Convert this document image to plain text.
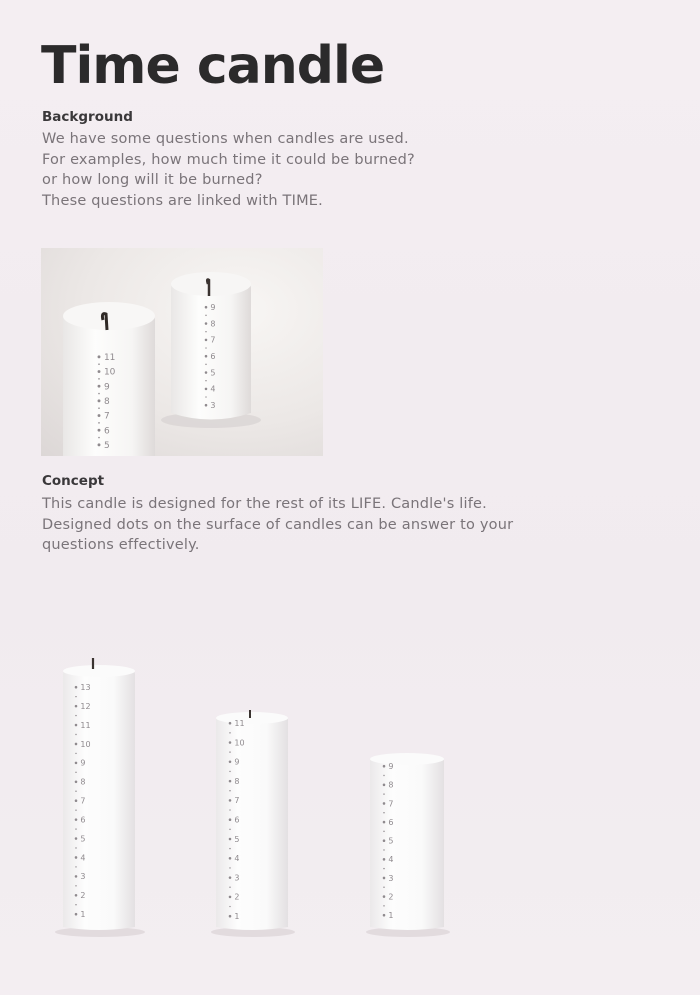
Time candle
Background
We have some questions when candles are used.
For examples, how much time it could be burned?
or how long will it be burned?
These questions are linked with TIME.
9
8
7
6
5
4
3
11
10
9
8
7
6
5
Concept
This candle is designed for the rest of its LIFE. Candle's life.
Designed dots on the surface of candles can be answer to your
questions effectively.
13
12
11
10
9
8
7
6
5
4
3
2
1
11
10
9
8
7
6
5
4
3
2
1
9
8
7
6
5
4
3
2
1
